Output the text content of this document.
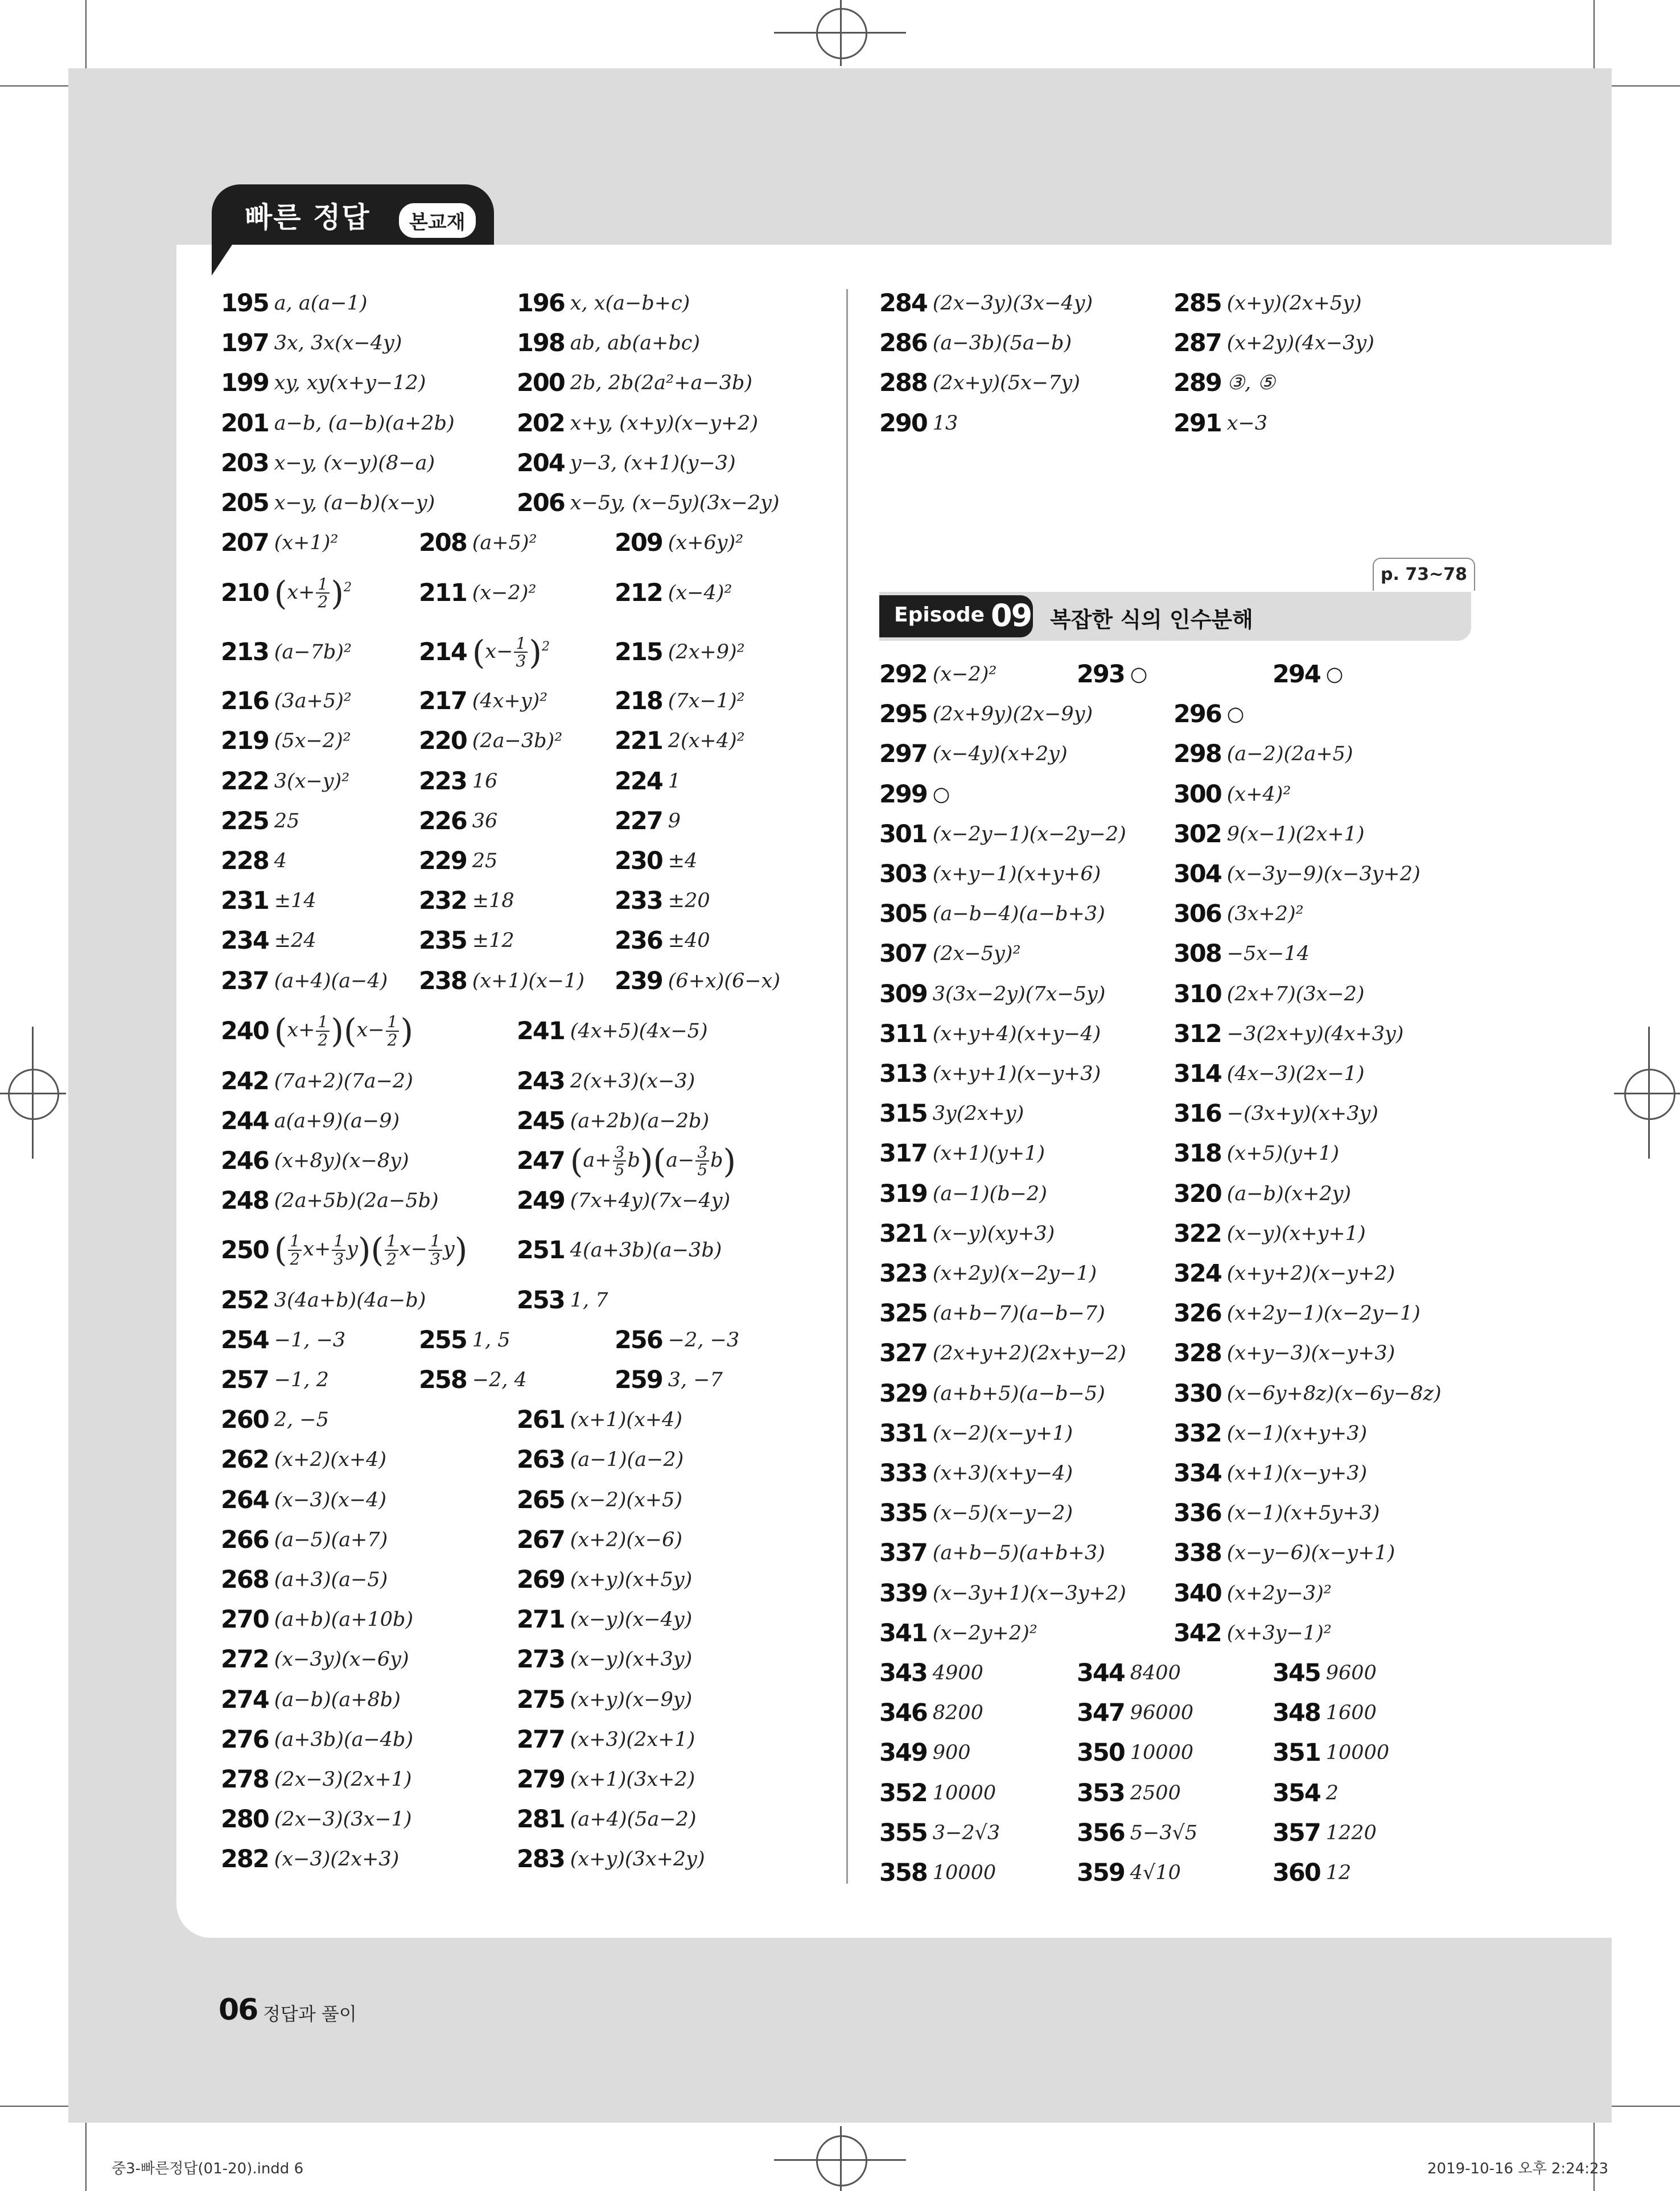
빠른 정답	본교재
p. 73~78
Episode 09 복잡한 식의 인수분해
195 a, a(a−1)	196 x, x(a−b+c)
197 3x, 3x(x−4y)	198 ab, ab(a+bc)
199 xy, xy(x+y−12)	200 2b, 2b(2a²+a−3b)
201 a−b, (a−b)(a+2b)	202 x+y, (x+y)(x−y+2)
203 x−y, (x−y)(8−a)	204 y−3, (x+1)(y−3)
205 x−y, (a−b)(x−y)	206 x−5y, (x−5y)(3x−2y)
207 (x+1)²	208 (a+5)²	209 (x+6y)²
210 $(x+ \frac{1}{2} )^2$	211 (x−2)²	212 (x−4)²
213 (a−7b)²	214 $(x- \frac{1}{3} )^2$	215 (2x+9)²
216 (3a+5)²	217 (4x+y)²	218 (7x−1)²
219 (5x−2)²	220 (2a−3b)² 221 2(x+4)²
222 3(x−y)²	223 16	224 1
225 25	226 36	227 9
228 4	229 25	230 ±4
231 ±14	232 ±18	233 ±20
234 ±24	235 ±12	236 ±40
237 (a+4)(a−4) 238 (x+1)(x−1) 239 (6+x)(6−x)
240 $(x+ \frac{1}{2} )(x- \frac{1}{2}$ )	241 (4x+5)(4x−5)
242 (7a+2)(7a−2)	243 2(x+3)(x−3)
244 a(a+9)(a−9)	245 (a+2b)(a−2b)
246 (x+8y)(x−8y)	247 $(a+ \frac{3}{5} b)(a- \frac{3}{5} b)$
248 (2a+5b)(2a−5b)	249 (7x+4y)(7x−4y)
250 ( $\frac{1}{2} x+ \frac{1}{3} y)( \frac{1}{2} x- \frac{1}{3} y)$ 251 4(a+3b)(a−3b)
252 3(4a+b)(4a−b)	253 1, 7
254 −1, −3	255 1, 5	256 −2, −3
257 −1, 2	258 −2, 4	259 3, −7
260 2, −5	261 (x+1)(x+4)
262 (x+2)(x+4)	263 (a−1)(a−2)
264 (x−3)(x−4)	265 (x−2)(x+5)
266 (a−5)(a+7)	267 (x+2)(x−6)
268 (a+3)(a−5)	269 (x+y)(x+5y)
270 (a+b)(a+10b)	271 (x−y)(x−4y)
272 (x−3y)(x−6y)	273 (x−y)(x+3y)
274 (a−b)(a+8b)	275 (x+y)(x−9y)
276 (a+3b)(a−4b)	277 (x+3)(2x+1)
278 (2x−3)(2x+1)	279 (x+1)(3x+2)
280 (2x−3)(3x−1)	281 (a+4)(5a−2)
282 (x−3)(2x+3)	283 (x+y)(3x+2y)
284 (2x−3y)(3x−4y)	285 (x+y)(2x+5y)
286 (a−3b)(5a−b)	287 (x+2y)(4x−3y)
288 (2x+y)(5x−7y)	289 ③, ⑤
290 13	291 x−3
292 (x−2)²	293 ○	294 ○
295 (2x+9y)(2x−9y)	296 ○
297 (x−4y)(x+2y)	298 (a−2)(2a+5)
299 ○	300 (x+4)²
301 (x−2y−1)(x−2y−2) 302 9(x−1)(2x+1)
303 (x+y−1)(x+y+6)	304 (x−3y−9)(x−3y+2)
305 (a−b−4)(a−b+3)	306 (3x+2)²
307 (2x−5y)²	308 −5x−14
309 3(3x−2y)(7x−5y)	310 (2x+7)(3x−2)
311 (x+y+4)(x+y−4)	312 −3(2x+y)(4x+3y)
313 (x+y+1)(x−y+3)	314 (4x−3)(2x−1)
315 3y(2x+y)	316 −(3x+y)(x+3y)
317 (x+1)(y+1)	318 (x+5)(y+1)
319 (a−1)(b−2)	320 (a−b)(x+2y)
321 (x−y)(xy+3)	322 (x−y)(x+y+1)
323 (x+2y)(x−2y−1)	324 (x+y+2)(x−y+2)
325 (a+b−7)(a−b−7)	326 (x+2y−1)(x−2y−1)
327 (2x+y+2)(2x+y−2) 328 (x+y−3)(x−y+3)
329 (a+b+5)(a−b−5)	330 (x−6y+8z)(x−6y−8z)
331 (x−2)(x−y+1)	332 (x−1)(x+y+3)
333 (x+3)(x+y−4)	334 (x+1)(x−y+3)
335 (x−5)(x−y−2)	336 (x−1)(x+5y+3)
337 (a+b−5)(a+b+3)	338 (x−y−6)(x−y+1)
339 (x−3y+1)(x−3y+2) 340 (x+2y−3)²
341 (x−2y+2)²	342 (x+3y−1)²
343 4900	344 8400	345 9600
346 8200	347 96000	348 1600
349 900	350 10000	351 10000
352 10000	353 2500	354 2
355 3−2√3	356 5−3√5	357 1220
358 10000	359 4√10	360 12
06 정답과 풀이
중3-빠른정답(01-20).indd 6	2019-10-16 오후 2:24:23
